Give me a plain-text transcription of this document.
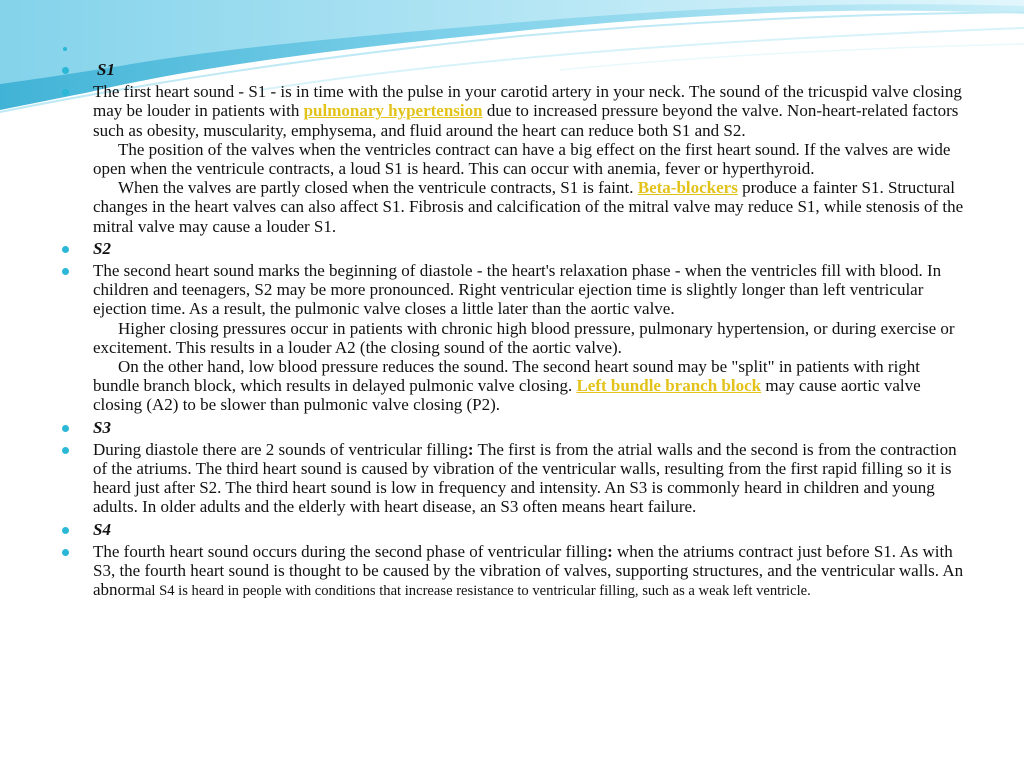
S1
The first heart sound - S1 - is in time with the pulse in your carotid artery in your neck. The sound of the tricuspid valve closing may be louder in patients with pulmonary hypertension due to increased pressure beyond the valve. Non-heart-related factors such as obesity, muscularity, emphysema, and fluid around the heart can reduce both S1 and S2.
The position of the valves when the ventricles contract can have a big effect on the first heart sound. If the valves are wide open when the ventricule contracts, a loud S1 is heard. This can occur with anemia, fever or hyperthyroid.
When the valves are partly closed when the ventricule contracts, S1 is faint. Beta-blockers produce a fainter S1. Structural changes in the heart valves can also affect S1. Fibrosis and calcification of the mitral valve may reduce S1, while stenosis of the mitral valve may cause a louder S1.
S2
The second heart sound marks the beginning of diastole - the heart's relaxation phase - when the ventricles fill with blood. In children and teenagers, S2 may be more pronounced. Right ventricular ejection time is slightly longer than left ventricular ejection time. As a result, the pulmonic valve closes a little later than the aortic valve.
Higher closing pressures occur in patients with chronic high blood pressure, pulmonary hypertension, or during exercise or excitement. This results in a louder A2 (the closing sound of the aortic valve).
On the other hand, low blood pressure reduces the sound. The second heart sound may be "split" in patients with right bundle branch block, which results in delayed pulmonic valve closing. Left bundle branch block may cause aortic valve closing (A2) to be slower than pulmonic valve closing (P2).
S3
During diastole there are 2 sounds of ventricular filling: The first is from the atrial walls and the second is from the contraction of the atriums. The third heart sound is caused by vibration of the ventricular walls, resulting from the first rapid filling so it is heard just after S2. The third heart sound is low in frequency and intensity. An S3 is commonly heard in children and young adults. In older adults and the elderly with heart disease, an S3 often means heart failure.
S4
The fourth heart sound occurs during the second phase of ventricular filling: when the atriums contract just before S1. As with S3, the fourth heart sound is thought to be caused by the vibration of valves, supporting structures, and the ventricular walls. An abnormal S4 is heard in people with conditions that increase resistance to ventricular filling, such as a weak left ventricle.
